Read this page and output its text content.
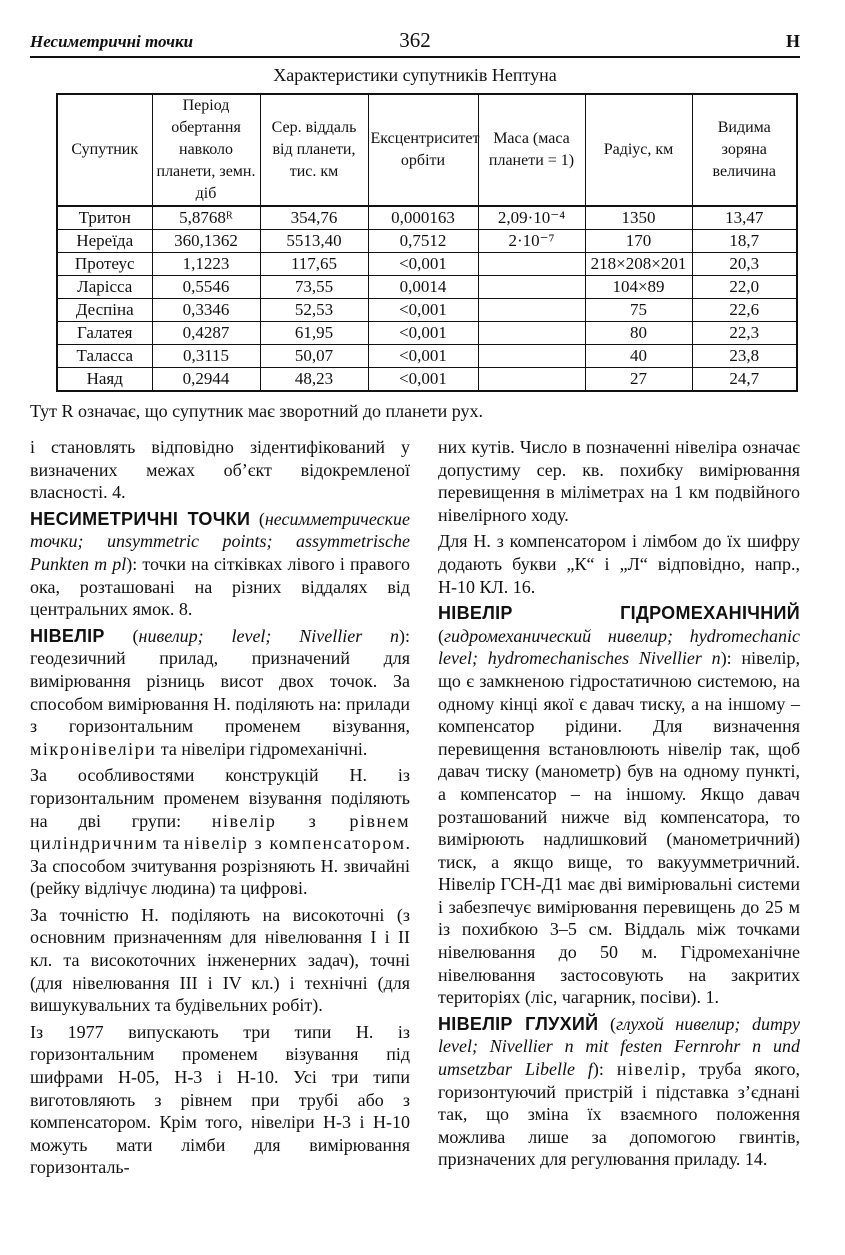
Несиметричні точки	362	Н
Характеристики супутників Нептуна
Супутник	Період обертання навколо планети, земн. діб	Сер. віддаль від планети, тис. км	Ексцентриситет орбіти	Маса (маса планети = 1)	Радіус, км	Видима зоряна величина
Тритон	5,8768ᴿ	354,76	0,000163	2,09·10⁻⁴	1350	13,47
Нереїда	360,1362	5513,40	0,7512	2·10⁻⁷	170	18,7
Протеус	1,1223	117,65	<0,001		218×208×201	20,3
Ларісса	0,5546	73,55	0,0014		104×89	22,0
Деспіна	0,3346	52,53	<0,001		75	22,6
Галатея	0,4287	61,95	<0,001		80	22,3
Таласса	0,3115	50,07	<0,001		40	23,8
Наяд	0,2944	48,23	<0,001		27	24,7
Тут R означає, що супутник має зворотний до планети рух.

і становлять відповідно зідентифікований у визначених межах об’єкт відокремленої власності. 4.

НЕСИМЕТРИЧНІ ТОЧКИ (несимметрические точки; unsymmetric points; assymmetrische Punkten m pl): точки на сітківках лівого і правого ока, розташовані на різних віддалях від центральних ямок. 8.

НІВЕЛІР (нивелир; level; Nivellier n): геодезичний прилад, призначений для вимірювання різниць висот двох точок. За способом вимірювання Н. поділяють на: прилади з горизонтальним променем візування, мікронівеліри та нівеліри гідромеханічні.

За особливостями конструкцій Н. із горизонтальним променем візування поділяють на дві групи: нівелір з рівнем циліндричним та нівелір з компенсатором. За способом зчитування розрізняють Н. звичайні (рейку відлічує людина) та цифрові.

За точністю Н. поділяють на високоточні (з основним призначенням для нівелювання І і ІІ кл. та високоточних інженерних задач), точні (для нівелювання ІІІ і IV кл.) і технічні (для вишукувальних та будівельних робіт).

Із 1977 випускають три типи Н. із горизонтальним променем візування під шифрами Н-05, Н-3 і Н-10. Усі три типи виготовляють з рівнем при трубі або з компенсатором. Крім того, нівеліри Н-3 і Н-10 можуть мати лімби для вимірювання горизонталь-

них кутів. Число в позначенні нівеліра означає допустиму сер. кв. похибку вимірювання перевищення в міліметрах на 1 км подвійного нівелірного ходу.

Для Н. з компенсатором і лімбом до їх шифру додають букви „К“ і „Л“ відповідно, напр., Н-10 КЛ. 16.

НІВЕЛІР ГІДРОМЕХАНІЧНИЙ (гидромеханический нивелир; hydromechanic level; hydromechanisches Nivellier n): нівелір, що є замкненою гідростатичною системою, на одному кінці якої є давач тиску, а на іншому – компенсатор рідини. Для визначення перевищення встановлюють нівелір так, щоб давач тиску (манометр) був на одному пункті, а компенсатор – на іншому. Якщо давач розташований нижче від компенсатора, то вимірюють надлишковий (манометричний) тиск, а якщо вище, то вакуумметричний. Нівелір ГСН-Д1 має дві вимірювальні системи і забезпечує вимірювання перевищень до 25 м із похибкою 3–5 см. Віддаль між точками нівелювання до 50 м. Гідромеханічне нівелювання застосовують на закритих територіях (ліс, чагарник, посіви). 1.

НІВЕЛІР ГЛУХИЙ (глухой нивелир; dumpy level; Nivellier n mit festen Fernrohr n und umsetzbar Libelle f): нівелір, труба якого, горизонтуючий пристрій і підставка з’єднані так, що зміна їх взаємного положення можлива лише за допомогою гвинтів, призначених для регулювання приладу. 14.
